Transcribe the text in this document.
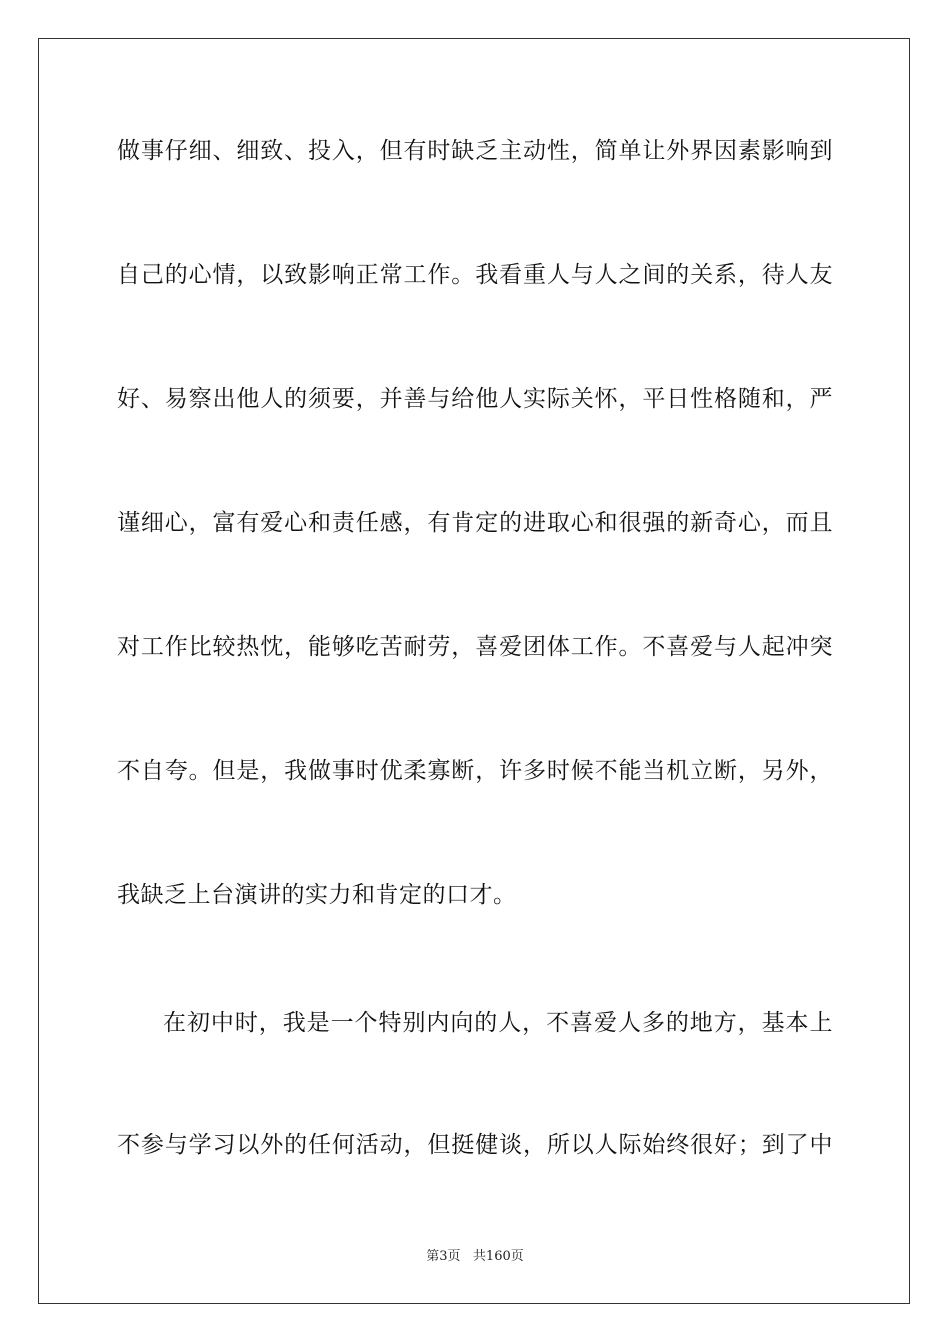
做事仔细、细致、投入，但有时缺乏主动性，简单让外界因素影响到
自己的心情，以致影响正常工作。我看重人与人之间的关系，待人友
好、易察出他人的须要，并善与给他人实际关怀，平日性格随和，严
谨细心，富有爱心和责任感，有肯定的进取心和很强的新奇心，而且
对工作比较热忱，能够吃苦耐劳，喜爱团体工作。不喜爱与人起冲突
不自夸。但是，我做事时优柔寡断，许多时候不能当机立断，另外，
我缺乏上台演讲的实力和肯定的口才。
在初中时，我是一个特别内向的人，不喜爱人多的地方，基本上
不参与学习以外的任何活动，但挺健谈，所以人际始终很好；到了中
第3页 共160页
